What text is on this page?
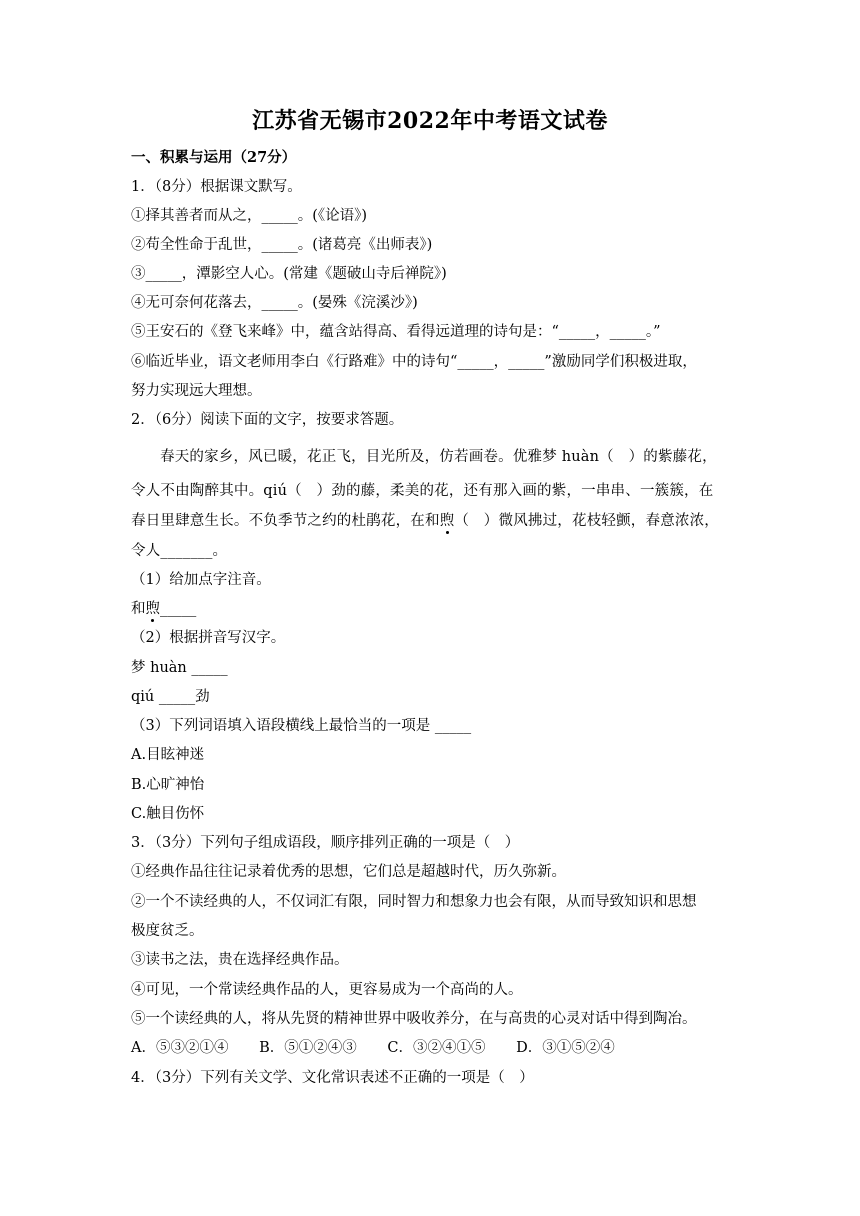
江苏省无锡市2022年中考语文试卷
一、积累与运用（27分）
1．（8分）根据课文默写。
①择其善者而从之，_____。(《论语》)
②苟全性命于乱世，_____。(诸葛亮《出师表》)
③_____，潭影空人心。(常建《题破山寺后禅院》)
④无可奈何花落去，_____。(晏殊《浣溪沙》)
⑤王安石的《登飞来峰》中，蕴含站得高、看得远道理的诗句是：“_____，_____。”
⑥临近毕业，语文老师用李白《行路难》中的诗句“_____，_____”激励同学们积极进取，
努力实现远大理想。
2．（6分）阅读下面的文字，按要求答题。
春天的家乡，风已暖，花正飞，目光所及，仿若画卷。优雅梦 huàn（　）的紫藤花，
令人不由陶醉其中。qiú（　）劲的藤，柔美的花，还有那入画的紫，一串串、一簇簇，在
春日里肆意生长。不负季节之约的杜鹃花，在和煦（　）微风拂过，花枝轻颤，春意浓浓，
令人_______。
（1）给加点字注音。
和煦_____
（2）根据拼音写汉字。
梦 huàn _____
qiú _____劲
（3）下列词语填入语段横线上最恰当的一项是 _____
A.目眩神迷
B.心旷神怡
C.触目伤怀
3．（3分）下列句子组成语段，顺序排列正确的一项是（　）
①经典作品往往记录着优秀的思想，它们总是超越时代，历久弥新。
②一个不读经典的人，不仅词汇有限，同时智力和想象力也会有限，从而导致知识和思想
极度贫乏。
③读书之法，贵在选择经典作品。
④可见，一个常读经典作品的人，更容易成为一个高尚的人。
⑤一个读经典的人，将从先贤的精神世界中吸收养分，在与高贵的心灵对话中得到陶冶。
A．⑤③②①④ B．⑤①②④③ C．③②④①⑤ D．③①⑤②④
4．（3分）下列有关文学、文化常识表述不正确的一项是（　）
